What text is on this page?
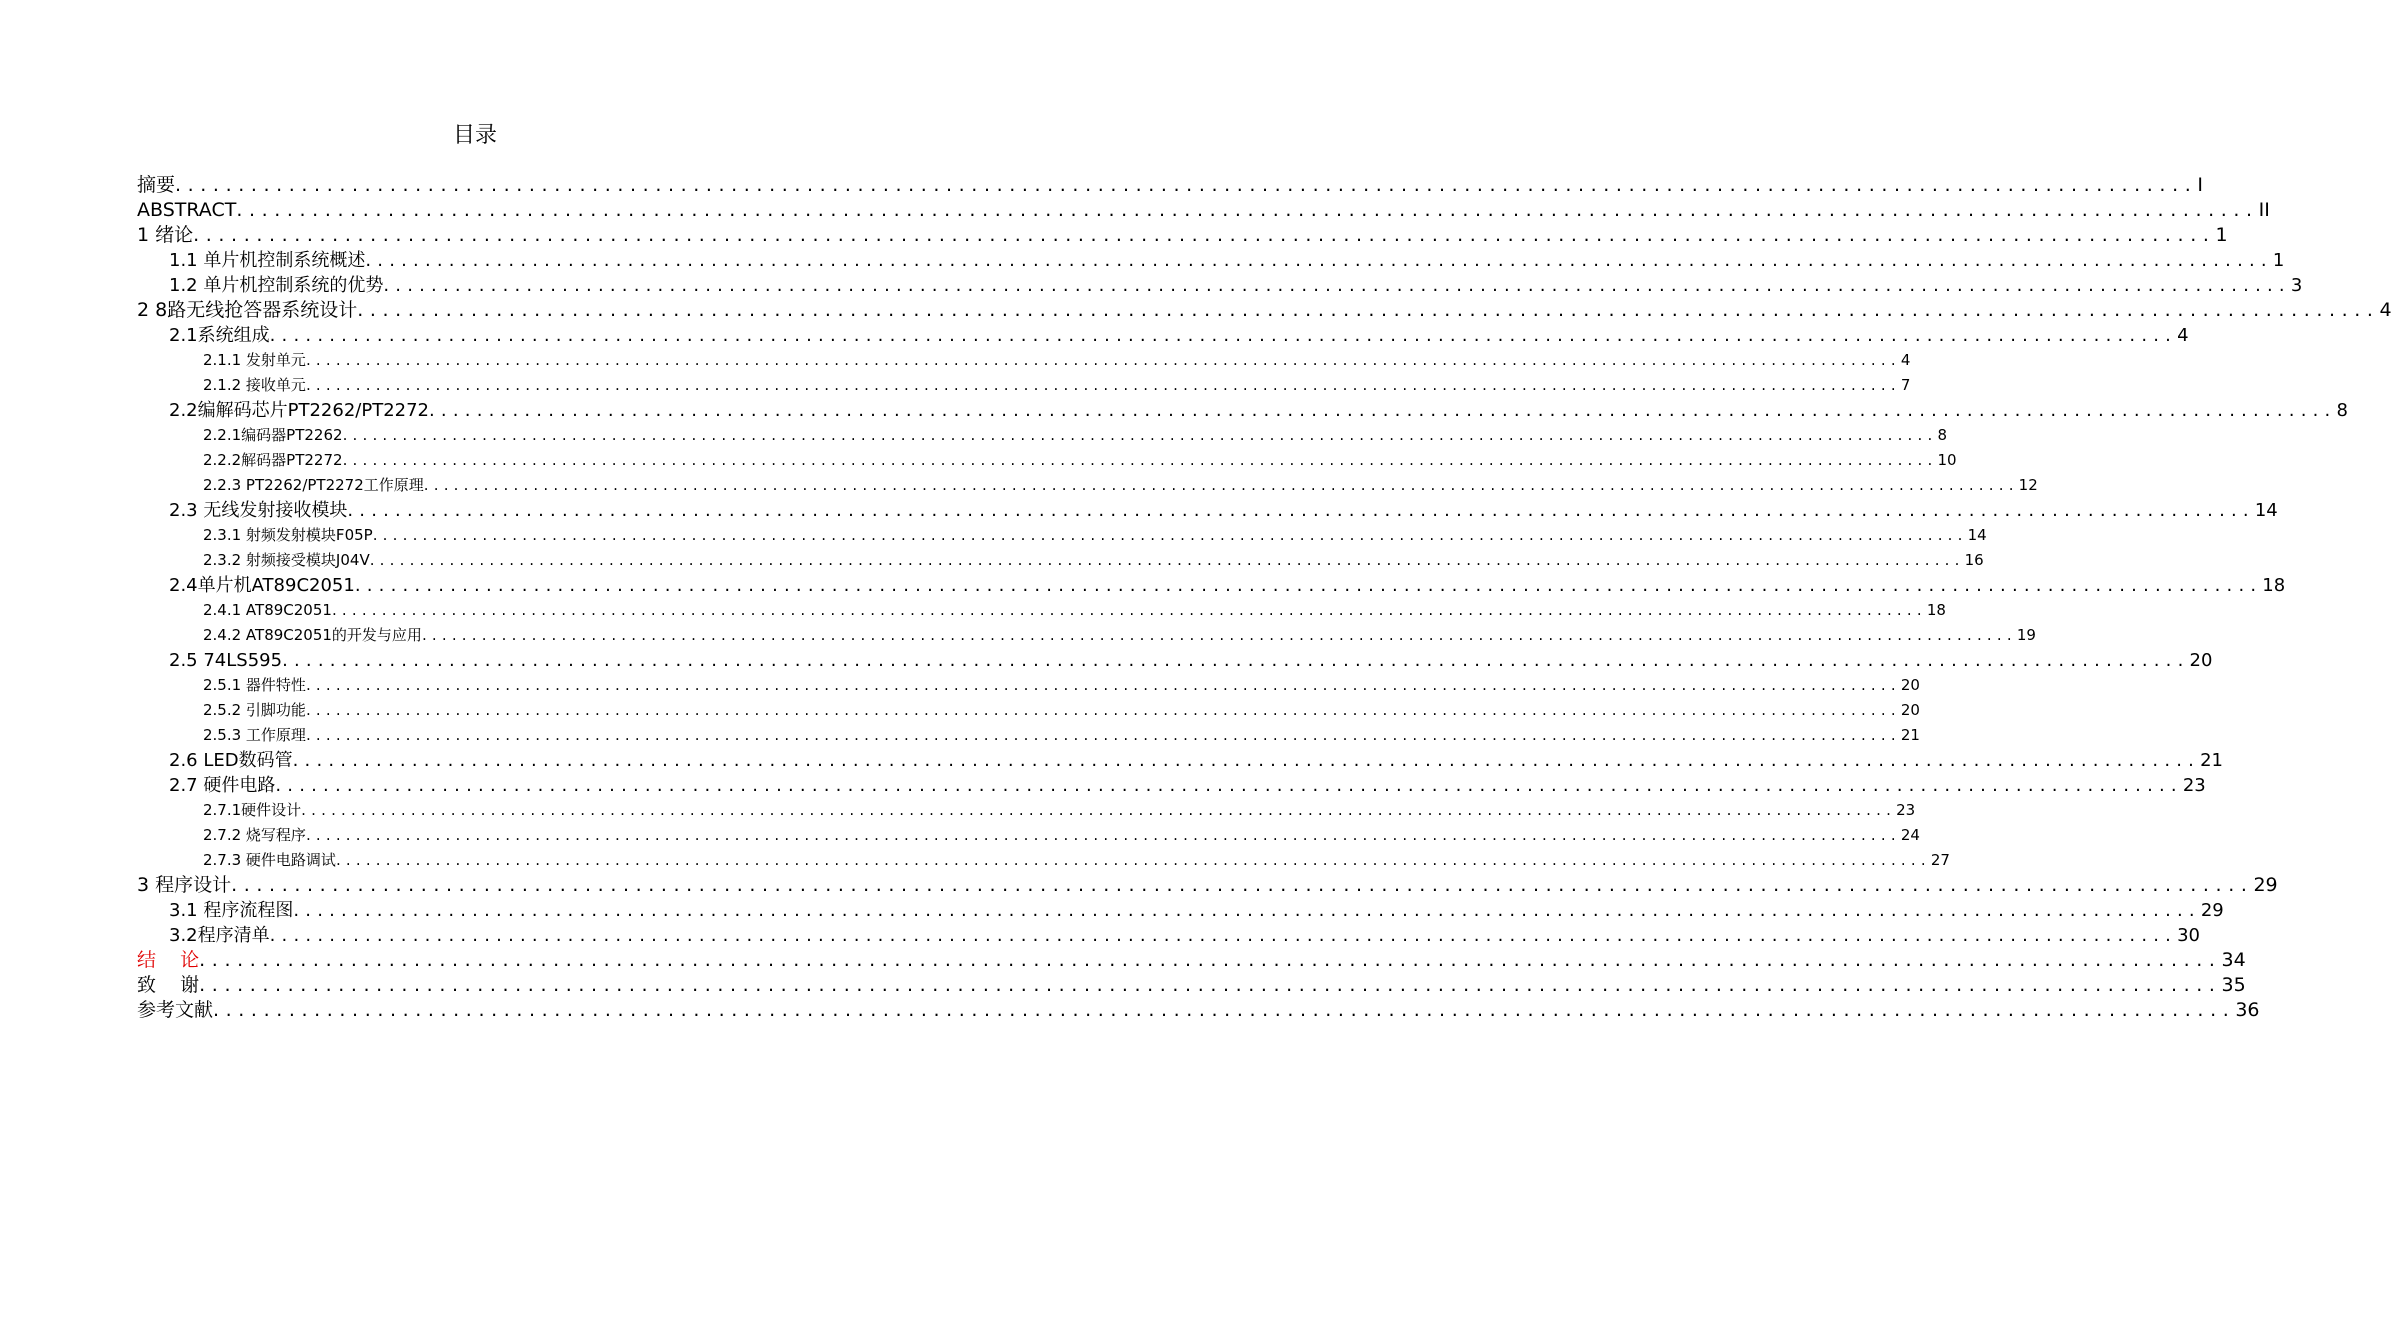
目录
摘要 ................................................................................................................................................................ I
ABSTRACT ................................................................................................................................................................ II
1 绪论 ................................................................................................................................................................ 1
1.1 单片机控制系统概述 ................................................................................................................................................................ 1
1.2 单片机控制系统的优势 ................................................................................................................................................................ 3
2 8路无线抢答器系统设计 ................................................................................................................................................................ 4
2.1系统组成 ................................................................................................................................................................ 4
2.1.1 发射单元 ................................................................................................................................................................ 4
2.1.2 接收单元 ................................................................................................................................................................ 7
2.2编解码芯片PT2262/PT2272 ................................................................................................................................................................ 8
2.2.1编码器PT2262 ................................................................................................................................................................ 8
2.2.2解码器PT2272 ................................................................................................................................................................ 10
2.2.3 PT2262/PT2272工作原理 ................................................................................................................................................................ 12
2.3 无线发射接收模块 ................................................................................................................................................................ 14
2.3.1 射频发射模块F05P ................................................................................................................................................................ 14
2.3.2 射频接受模块J04V ................................................................................................................................................................ 16
2.4单片机AT89C2051 ................................................................................................................................................................ 18
2.4.1 AT89C2051 ................................................................................................................................................................ 18
2.4.2 AT89C2051的开发与应用 ................................................................................................................................................................ 19
2.5 74LS595 ................................................................................................................................................................ 20
2.5.1 器件特性 ................................................................................................................................................................ 20
2.5.2 引脚功能 ................................................................................................................................................................ 20
2.5.3 工作原理 ................................................................................................................................................................ 21
2.6 LED数码管 ................................................................................................................................................................ 21
2.7 硬件电路 ................................................................................................................................................................ 23
2.7.1硬件设计 ................................................................................................................................................................ 23
2.7.2 烧写程序 ................................................................................................................................................................ 24
2.7.3 硬件电路调试 ................................................................................................................................................................ 27
3 程序设计 ................................................................................................................................................................ 29
3.1 程序流程图 ................................................................................................................................................................ 29
3.2程序清单 ................................................................................................................................................................ 30
结    论 ................................................................................................................................................................ 34
致    谢 ................................................................................................................................................................ 35
参考文献 ................................................................................................................................................................ 36
